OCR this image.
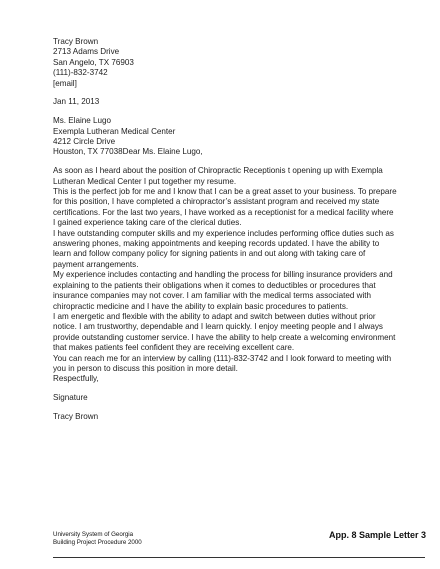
Tracy Brown
2713 Adams Drive
San Angelo, TX 76903
(111)-832-3742
[email]
Jan 11, 2013
Ms. Elaine Lugo
Exempla Lutheran Medical Center
4212 Circle Drive
Houston, TX 77038Dear Ms. Elaine Lugo,

As soon as I heard about the position of Chiropractic Receptionis t opening up with Exempla
Lutheran Medical Center I put together my resume.

This is the perfect job for me and I know that I can be a great asset to your business. To prepare
for this position, I have completed a chiropractor’s assistant program and received my state
certifications. For the last two years, I have worked as a receptionist for a medical facility where
I gained experience taking care of the clerical duties.

I have outstanding computer skills and my experience includes performing office duties such as
answering phones, making appointments and keeping records updated. I have the ability to
learn and follow company policy for signing patients in and out along with taking care of
payment arrangements.

My experience includes contacting and handling the process for billing insurance providers and
explaining to the patients their obligations when it comes to deductibles or procedures that
insurance companies may not cover. I am familiar with the medical terms associated with
chiropractic medicine and I have the ability to explain basic procedures to patients.

I am energetic and flexible with the ability to adapt and switch between duties without prior
notice. I am trustworthy, dependable and I learn quickly. I enjoy meeting people and I always
provide outstanding customer service. I have the ability to help create a welcoming environment
that makes patients feel confident they are receiving excellent care.

You can reach me for an interview by calling (111)-832-3742 and I look forward to meeting with
you in person to discuss this position in more detail.

Respectfully,
Signature
Tracy Brown
University System of Georgia
Building Project Procedure 2000
App. 8 Sample Letter 3
